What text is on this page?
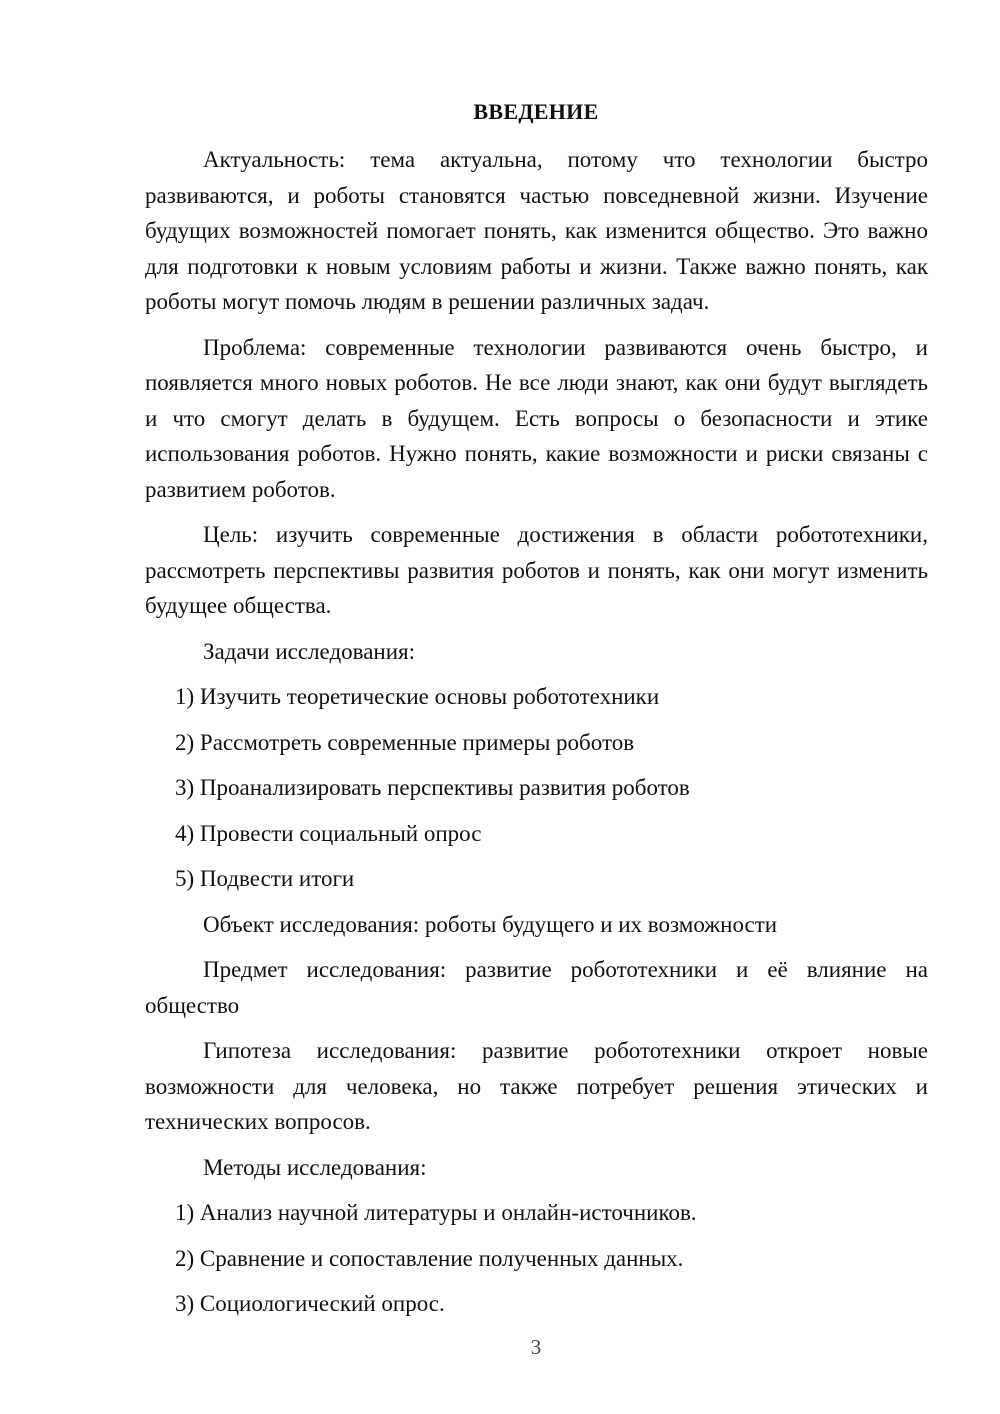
ВВЕДЕНИЕ

Актуальность: тема актуальна, потому что технологии быстро развиваются, и роботы становятся частью повседневной жизни. Изучение будущих возможностей помогает понять, как изменится общество. Это важно для подготовки к новым условиям работы и жизни. Также важно понять, как роботы могут помочь людям в решении различных задач.

Проблема: современные технологии развиваются очень быстро, и появляется много новых роботов. Не все люди знают, как они будут выглядеть и что смогут делать в будущем. Есть вопросы о безопасности и этике использования роботов. Нужно понять, какие возможности и риски связаны с развитием роботов.

Цель: изучить современные достижения в области робототехники, рассмотреть перспективы развития роботов и понять, как они могут изменить будущее общества.

Задачи исследования:

1) Изучить теоретические основы робототехники
2) Рассмотреть современные примеры роботов
3) Проанализировать перспективы развития роботов
4) Провести социальный опрос
5) Подвести итоги

Объект исследования: роботы будущего и их возможности

Предмет исследования: развитие робототехники и её влияние на общество

Гипотеза исследования: развитие робототехники откроет новые возможности для человека, но также потребует решения этических и технических вопросов.

Методы исследования:

1) Анализ научной литературы и онлайн-источников.
2) Сравнение и сопоставление полученных данных.
3) Социологический опрос.
3
